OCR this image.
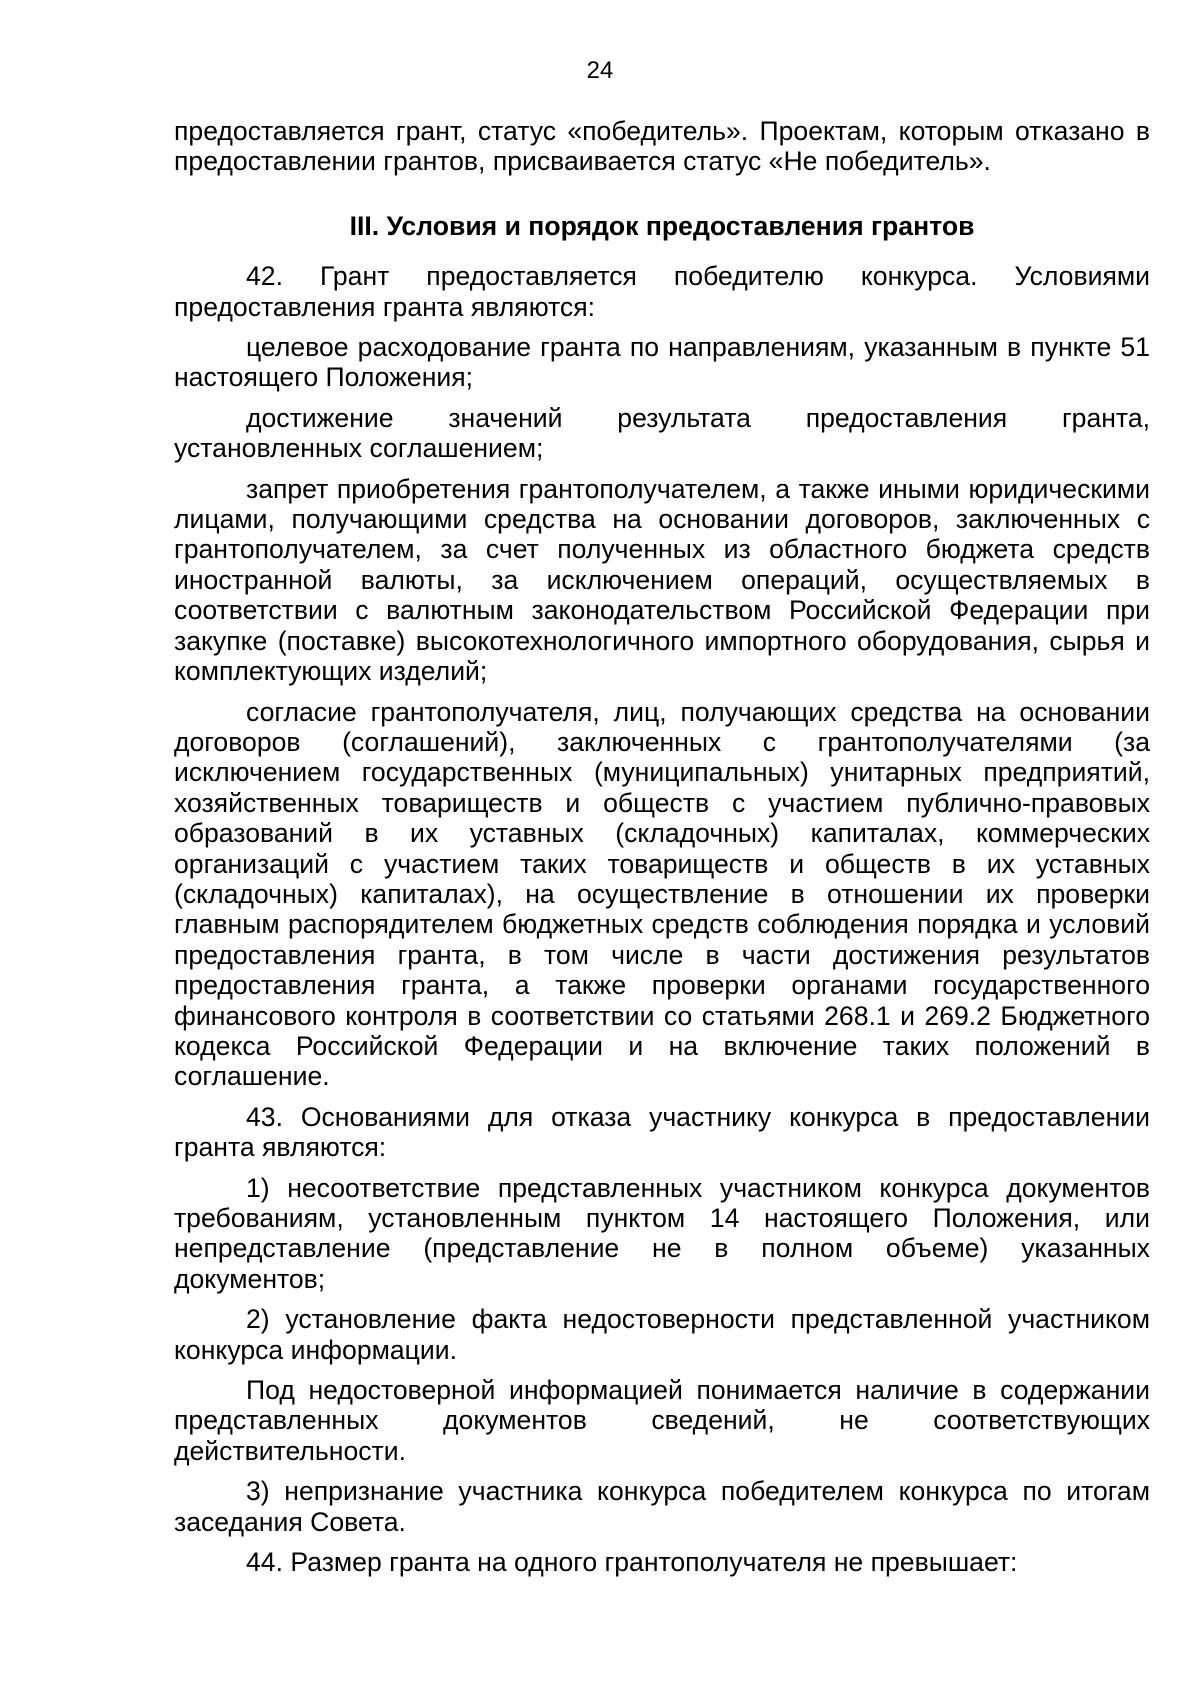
24

предоставляется грант, статус «победитель». Проектам, которым отказано в предоставлении грантов, присваивается статус «Не победитель».

III. Условия и порядок предоставления грантов

42. Грант предоставляется победителю конкурса. Условиями предоставления гранта являются:

целевое расходование гранта по направлениям, указанным в пункте 51 настоящего Положения;

достижение значений результата предоставления гранта, установленных соглашением;

запрет приобретения грантополучателем, а также иными юридическими лицами, получающими средства на основании договоров, заключенных с грантополучателем, за счет полученных из областного бюджета средств иностранной валюты, за исключением операций, осуществляемых в соответствии с валютным законодательством Российской Федерации при закупке (поставке) высокотехнологичного импортного оборудования, сырья и комплектующих изделий;

согласие грантополучателя, лиц, получающих средства на основании договоров (соглашений), заключенных с грантополучателями (за исключением государственных (муниципальных) унитарных предприятий, хозяйственных товариществ и обществ с участием публично-правовых образований в их уставных (складочных) капиталах, коммерческих организаций с участием таких товариществ и обществ в их уставных (складочных) капиталах), на осуществление в отношении их проверки главным распорядителем бюджетных средств соблюдения порядка и условий предоставления гранта, в том числе в части достижения результатов предоставления гранта, а также проверки органами государственного финансового контроля в соответствии со статьями 268.1 и 269.2 Бюджетного кодекса Российской Федерации и на включение таких положений в соглашение.

43. Основаниями для отказа участнику конкурса в предоставлении гранта являются:

1) несоответствие представленных участником конкурса документов требованиям, установленным пунктом 14 настоящего Положения, или непредставление (представление не в полном объеме) указанных документов;

2) установление факта недостоверности представленной участником конкурса информации.

Под недостоверной информацией понимается наличие в содержании представленных документов сведений, не соответствующих действительности.

3) непризнание участника конкурса победителем конкурса по итогам заседания Совета.

44. Размер гранта на одного грантополучателя не превышает:
